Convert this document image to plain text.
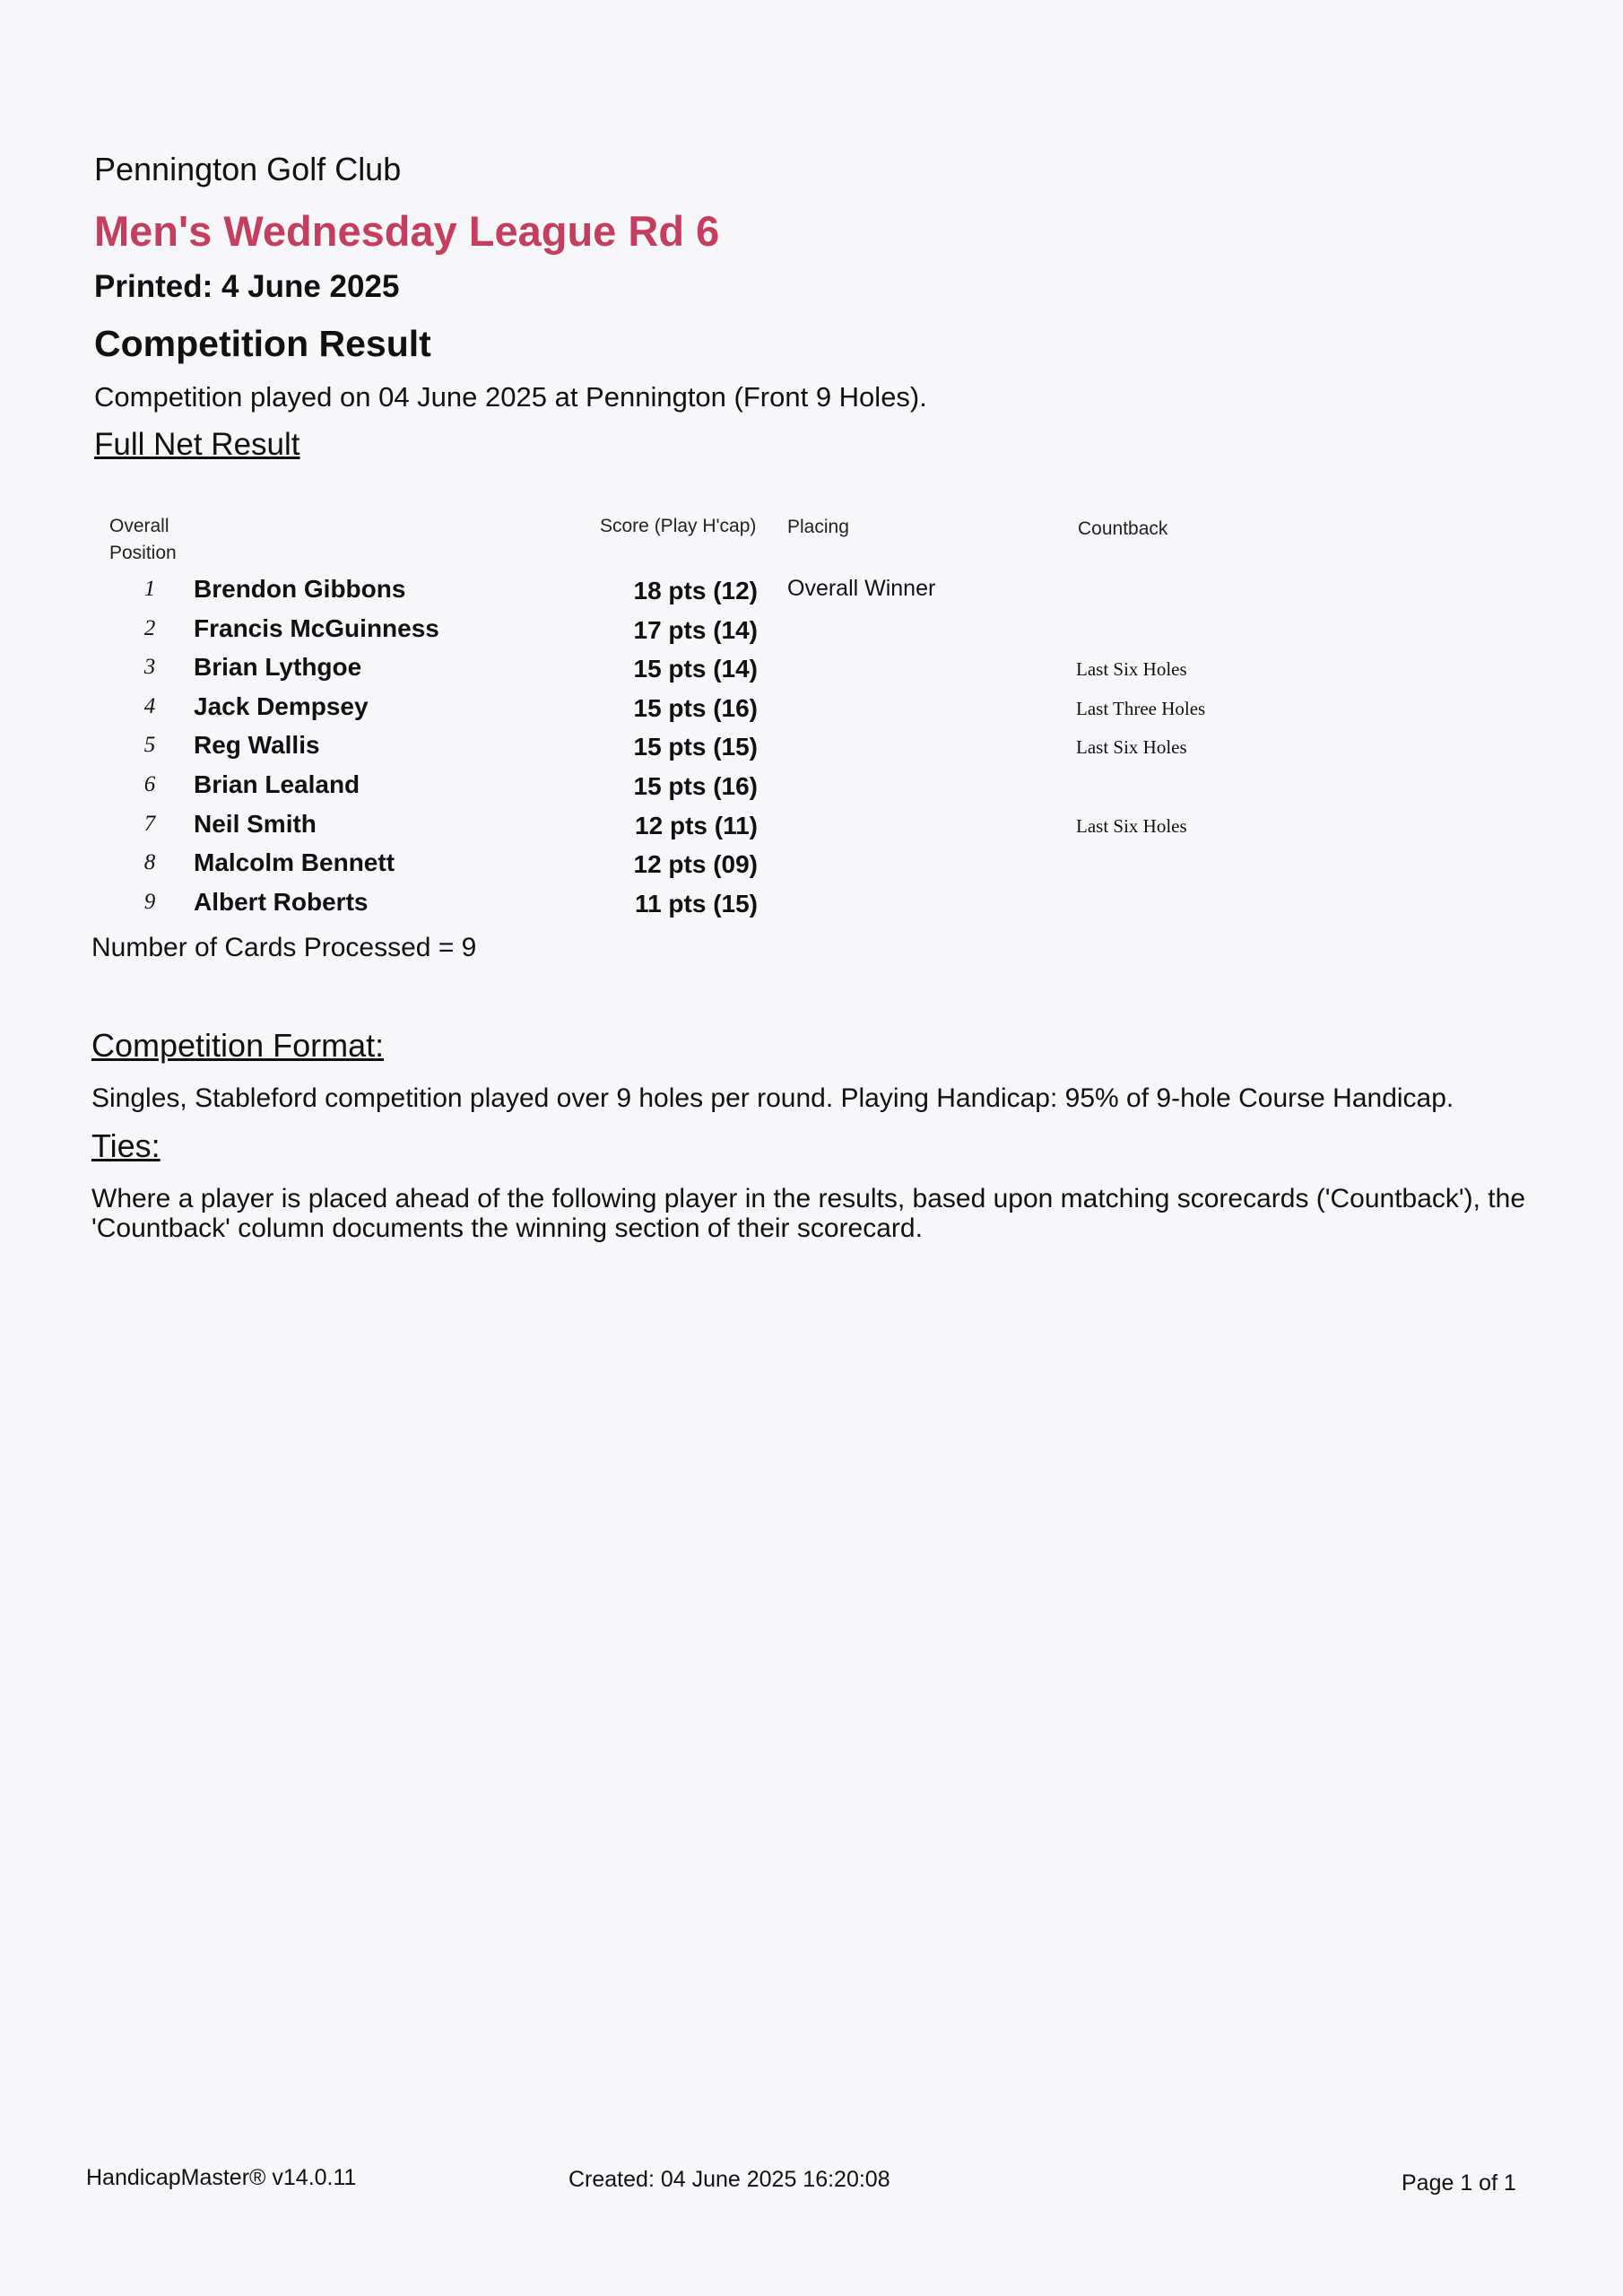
Pennington Golf Club
Men's Wednesday League Rd 6
Printed: 4 June 2025
Competition Result
Competition played on 04 June 2025 at Pennington (Front 9 Holes).
Full Net Result
Overall Position
Score (Play H'cap) Placing	Countback
1 Brendon Gibbons	18 pts (12) Overall Winner
2 Francis McGuinness	17 pts (14)
3 Brian Lythgoe	15 pts (14)	Last Six Holes
4 Jack Dempsey	15 pts (16)	Last Three Holes
5 Reg Wallis	15 pts (15)	Last Six Holes
6 Brian Lealand	15 pts (16)
7 Neil Smith	12 pts (11)	Last Six Holes
8 Malcolm Bennett	12 pts (09)
9 Albert Roberts	11 pts (15)
Number of Cards Processed = 9
Competition Format:
Singles, Stableford competition played over 9 holes per round. Playing Handicap: 95% of 9-hole Course Handicap.
Ties:
Where a player is placed ahead of the following player in the results, based upon matching scorecards ('Countback'), the 'Countback' column documents the winning section of their scorecard.
HandicapMaster® v14.0.11	Created: 04 June 2025 16:20:08	Page 1 of 1
